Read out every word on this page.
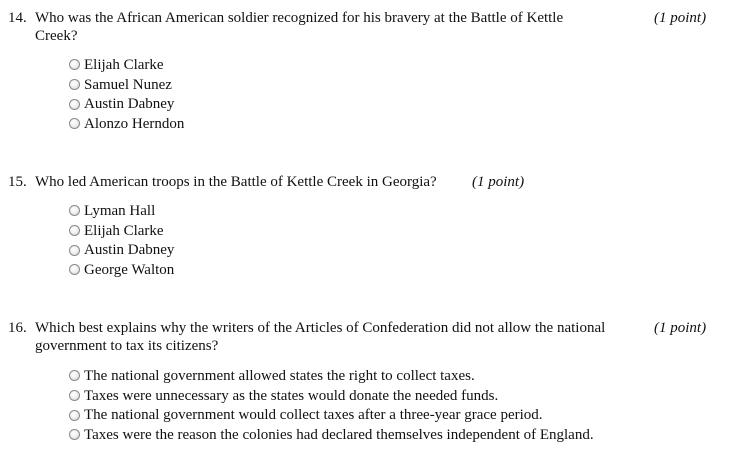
14. Who was the African American soldier recognized for his bravery at the Battle of Kettle
Creek?
(1 point)
Elijah Clarke
Samuel Nunez
Austin Dabney
Alonzo Herndon
15. Who led American troops in the Battle of Kettle Creek in Georgia?	(1 point)
Lyman Hall
Elijah Clarke
Austin Dabney
George Walton
16. Which best explains why the writers of the Articles of Confederation did not allow the national
government to tax its citizens?
(1 point)
The national government allowed states the right to collect taxes.
Taxes were unnecessary as the states would donate the needed funds.
The national government would collect taxes after a three-year grace period.
Taxes were the reason the colonies had declared themselves independent of England.
